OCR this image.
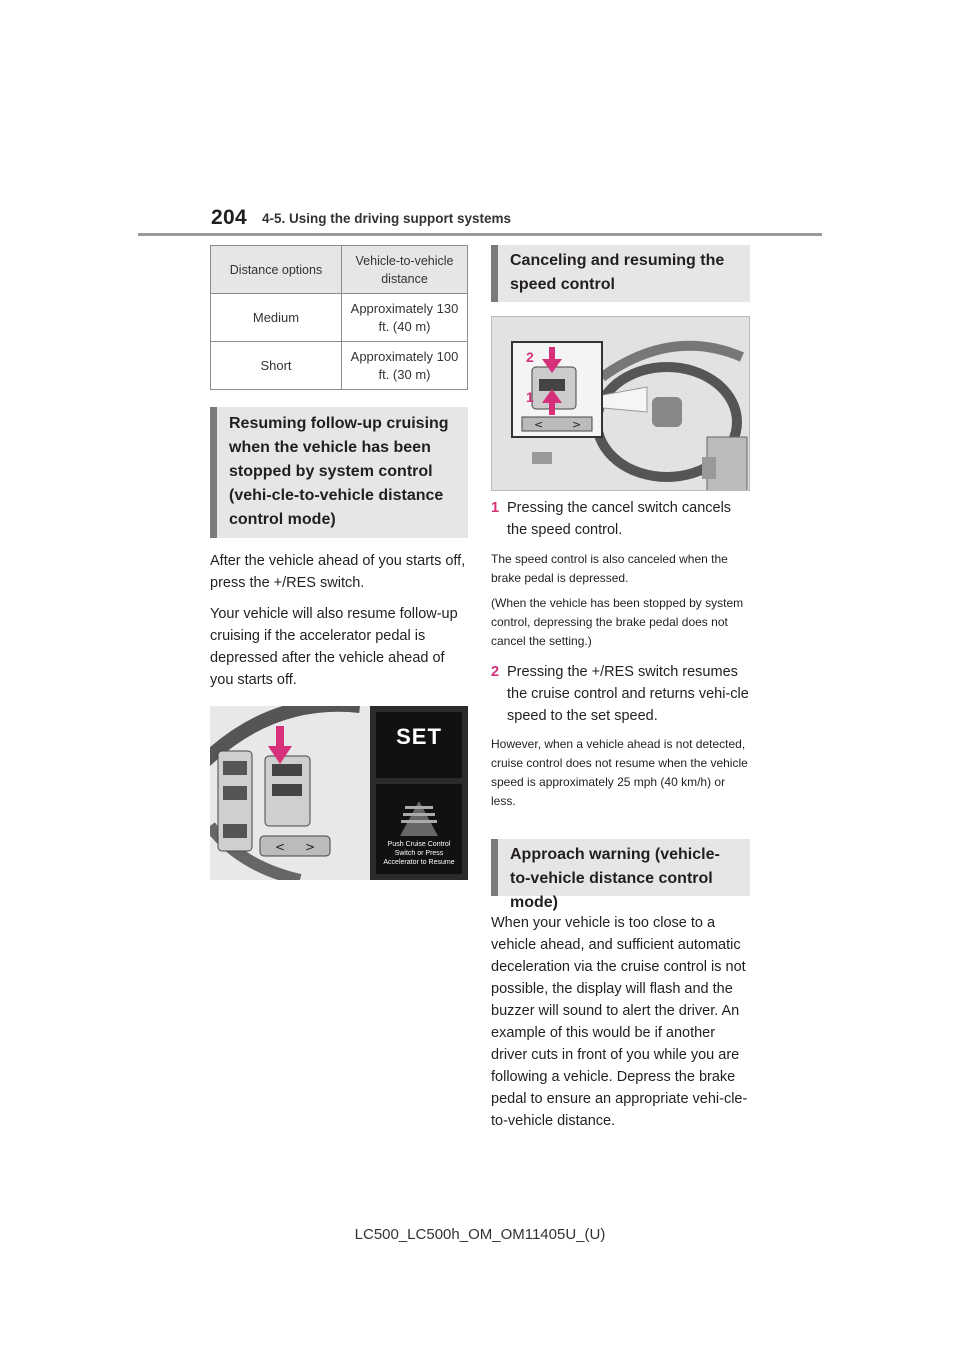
204 4-5. Using the driving support systems
Distance options	Vehicle-to-vehicle distance
Medium	Approximately 130 ft. (40 m)
Short	Approximately 100 ft. (30 m)
Resuming follow-up cruising when the vehicle has been stopped by system control (vehi-cle-to-vehicle distance control mode)

After the vehicle ahead of you starts off, press the +/RES switch.

Your vehicle will also resume follow-up cruising if the accelerator pedal is depressed after the vehicle ahead of you starts off.

< >
SET
Push Cruise Control Switch or Press Accelerator to Resume
Canceling and resuming the speed control
<	>
2
1
1 Pressing the cancel switch cancels the speed control.

The speed control is also canceled when the brake pedal is depressed.

(When the vehicle has been stopped by system control, depressing the brake pedal does not cancel the setting.)

2 Pressing the +/RES switch resumes the cruise control and returns vehi-cle speed to the set speed.

However, when a vehicle ahead is not detected, cruise control does not resume when the vehicle speed is approximately 25 mph (40 km/h) or less.

Approach warning (vehicle-to-vehicle distance control mode)

When your vehicle is too close to a vehicle ahead, and sufficient automatic deceleration via the cruise control is not possible, the display will flash and the buzzer will sound to alert the driver. An example of this would be if another driver cuts in front of you while you are following a vehicle. Depress the brake pedal to ensure an appropriate vehi-cle-to-vehicle distance.

LC500_LC500h_OM_OM11405U_(U)
